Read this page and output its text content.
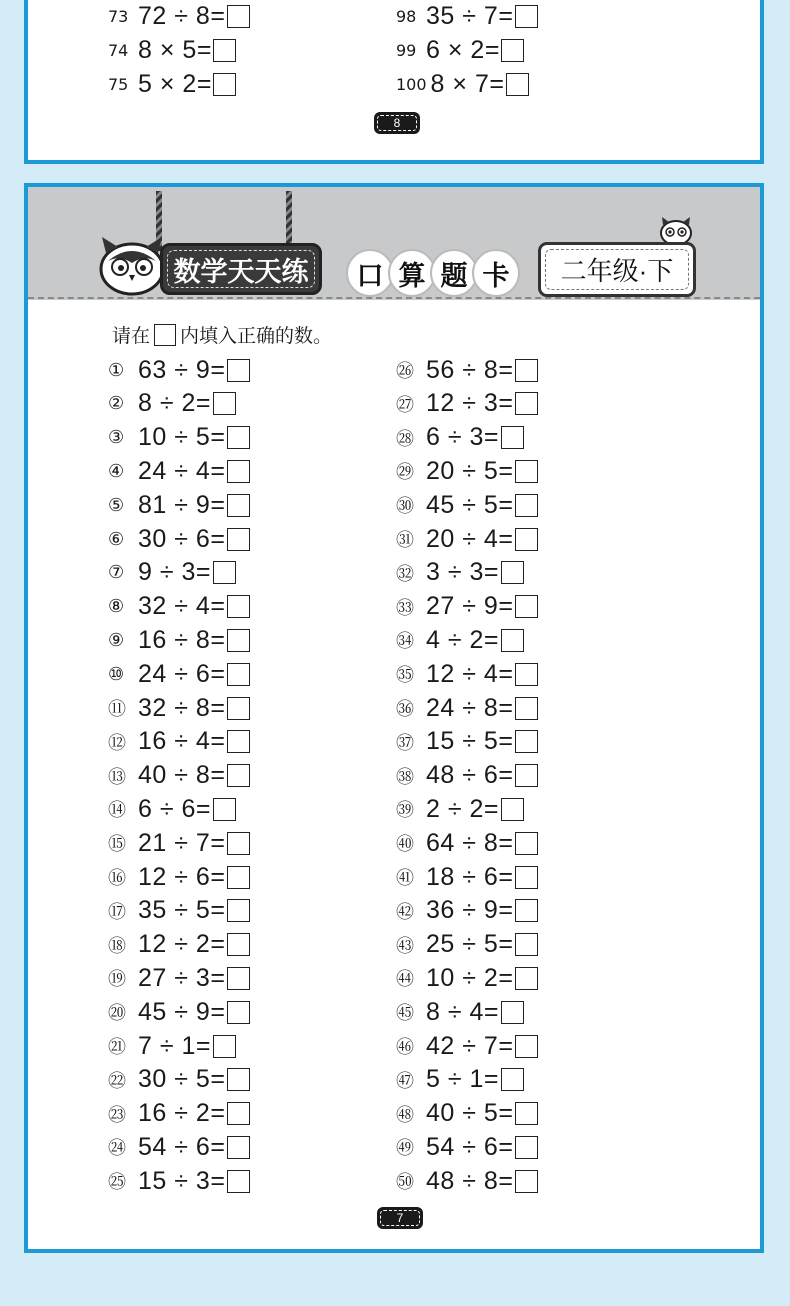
73 72 ÷ 8 =
74 8 × 5 =
75 5 × 2 =
98 35 ÷ 7 =
99 6 × 2 =
100 8 × 7 =
8
数学天天练	口 算 题 卡	二年级·下
请在 内填入正确的数。
① 63 ÷ 9 =
② 8 ÷ 2 =
③ 10 ÷ 5 =
④ 24 ÷ 4 =
⑤ 81 ÷ 9 =
⑥ 30 ÷ 6 =
⑦ 9 ÷ 3 =
⑧ 32 ÷ 4 =
⑨ 16 ÷ 8 =
⑩ 24 ÷ 6 =
⑪ 32 ÷ 8 =
⑫ 16 ÷ 4 =
⑬ 40 ÷ 8 =
⑭ 6 ÷ 6 =
⑮ 21 ÷ 7 =
⑯ 12 ÷ 6 =
⑰ 35 ÷ 5 =
⑱ 12 ÷ 2 =
⑲ 27 ÷ 3 =
⑳ 45 ÷ 9 =
㉑ 7 ÷ 1 =
㉒ 30 ÷ 5 =
㉓ 16 ÷ 2 =
㉔ 54 ÷ 6 =
㉕ 15 ÷ 3 =
㉖ 56 ÷ 8 =
㉗ 12 ÷ 3 =
㉘ 6 ÷ 3 =
㉙ 20 ÷ 5 =
㉚ 45 ÷ 5 =
㉛ 20 ÷ 4 =
㉜ 3 ÷ 3 =
㉝ 27 ÷ 9 =
㉞ 4 ÷ 2 =
㉟ 12 ÷ 4 =
㊱ 24 ÷ 8 =
㊲ 15 ÷ 5 =
㊳ 48 ÷ 6 =
㊴ 2 ÷ 2 =
㊵ 64 ÷ 8 =
㊶ 18 ÷ 6 =
㊷ 36 ÷ 9 =
㊸ 25 ÷ 5 =
㊹ 10 ÷ 2 =
㊺ 8 ÷ 4 =
㊻ 42 ÷ 7 =
㊼ 5 ÷ 1 =
㊽ 40 ÷ 5 =
㊾ 54 ÷ 6 =
㊿ 48 ÷ 8 =
7
